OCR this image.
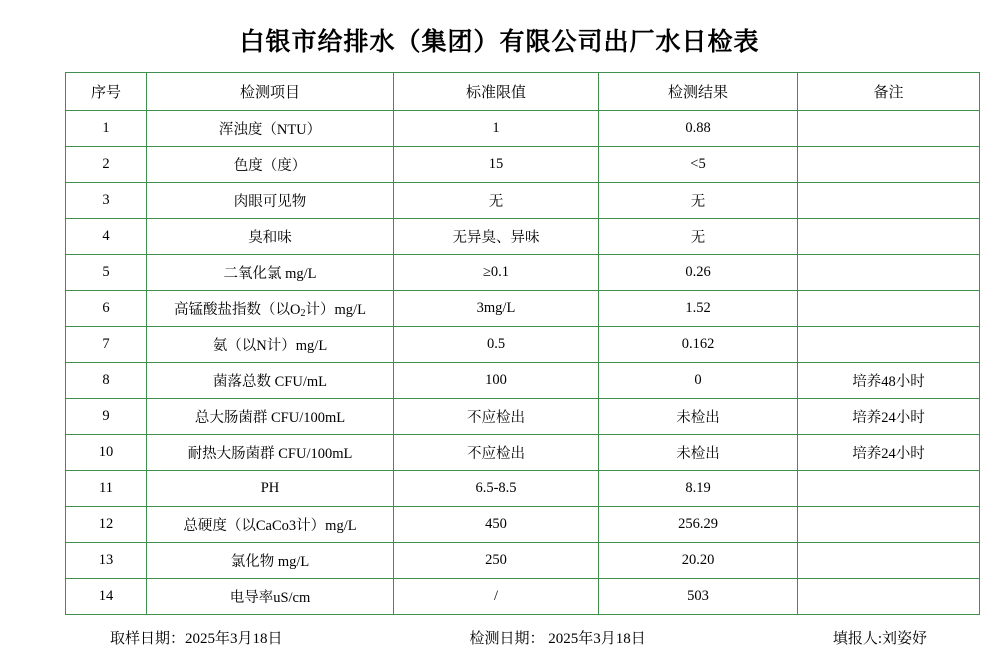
白银市给排水（集团）有限公司出厂水日检表
序号	检测项目	标准限值	检测结果	备注
1	浑浊度（NTU）	1	0.88	
2	色度（度）	15	<5	
3	肉眼可见物	无	无	
4	臭和味	无异臭、异味	无	
5	二氧化氯 mg/L	≥0.1	0.26	
6	高锰酸盐指数（以O2计）mg/L	3mg/L	1.52	
7	氨（以N计）mg/L	0.5	0.162	
8	菌落总数 CFU/mL	100	0	培养48小时
9	总大肠菌群 CFU/100mL	不应检出	未检出	培养24小时
10	耐热大肠菌群 CFU/100mL	不应检出	未检出	培养24小时
11	PH	6.5-8.5	8.19	
12	总硬度（以CaCo3计）mg/L	450	256.29	
13	氯化物 mg/L	250	20.20	
14	电导率uS/cm	/	503	
取样日期：2025年3月18日	检测日期： 2025年3月18日	填报人:刘姿妤
